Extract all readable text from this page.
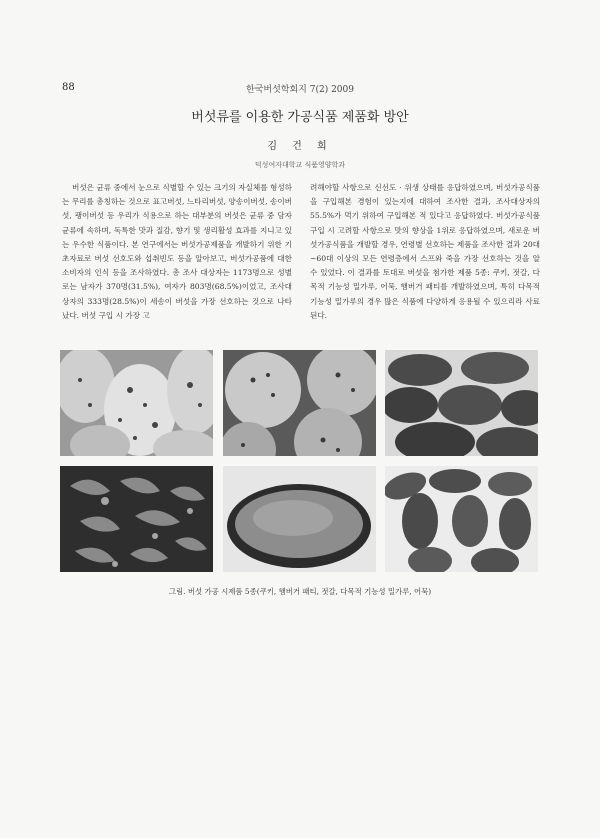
88	한국버섯학회지 7(2) 2009
버섯류를 이용한 가공식품 제품화 방안
김 건 희
덕성여자대학교 식품영양학과

버섯은 균류 중에서 눈으로 식별할 수 있는 크기의 자실체를 형성하는 무리를 총칭하는 것으로 표고버섯, 느타리버섯, 양송이버섯, 송이버섯, 팽이버섯 등 우리가 식용으로 하는 대부분의 버섯은 균류 중 담자균류에 속하며, 독특한 맛과 질감, 향기 및 생리활성 효과를 지니고 있는 우수한 식품이다. 본 연구에서는 버섯가공제품을 개발하기 위한 기초자료로 버섯 선호도와 섭취빈도 등을 알아보고, 버섯가공품에 대한 소비자의 인식 등을 조사하였다. 총 조사 대상자는 1173명으로 성별로는 남자가 370명(31.5%), 여자가 803명(68.5%)이었고, 조사대상자의 333명(28.5%)이 세송이 버섯을 가장 선호하는 것으로 나타났다. 버섯 구입 시 가장 고

려해야할 사항으로 신선도 · 위생 상태를 응답하였으며, 버섯가공식품을 구입해본 경험이 있는지에 대하여 조사한 결과, 조사대상자의 55.5%가 먹기 위하여 구입해본 적 있다고 응답하였다. 버섯가공식품 구입 시 고려할 사항으로 맛의 향상을 1위로 응답하였으며, 새로운 버섯가공식품을 개발할 경우, 연령별 선호하는 제품을 조사한 결과 20대~60대 이상의 모든 연령층에서 스프와 죽을 가장 선호하는 것을 알 수 있었다. 이 결과를 토대로 버섯을 첨가한 제품 5종: 쿠키, 젓갈, 다목적 기능성 밀가루, 어묵, 햄버거 패티를 개발하였으며, 특히 다목적 기능성 밀가루의 경우 많은 식품에 다양하게 응용될 수 있으리라 사료된다.

그림. 버섯 가공 시제품 5종(쿠키, 햄버거 패티, 젓갈, 다목적 기능성 밀가루, 어묵)
